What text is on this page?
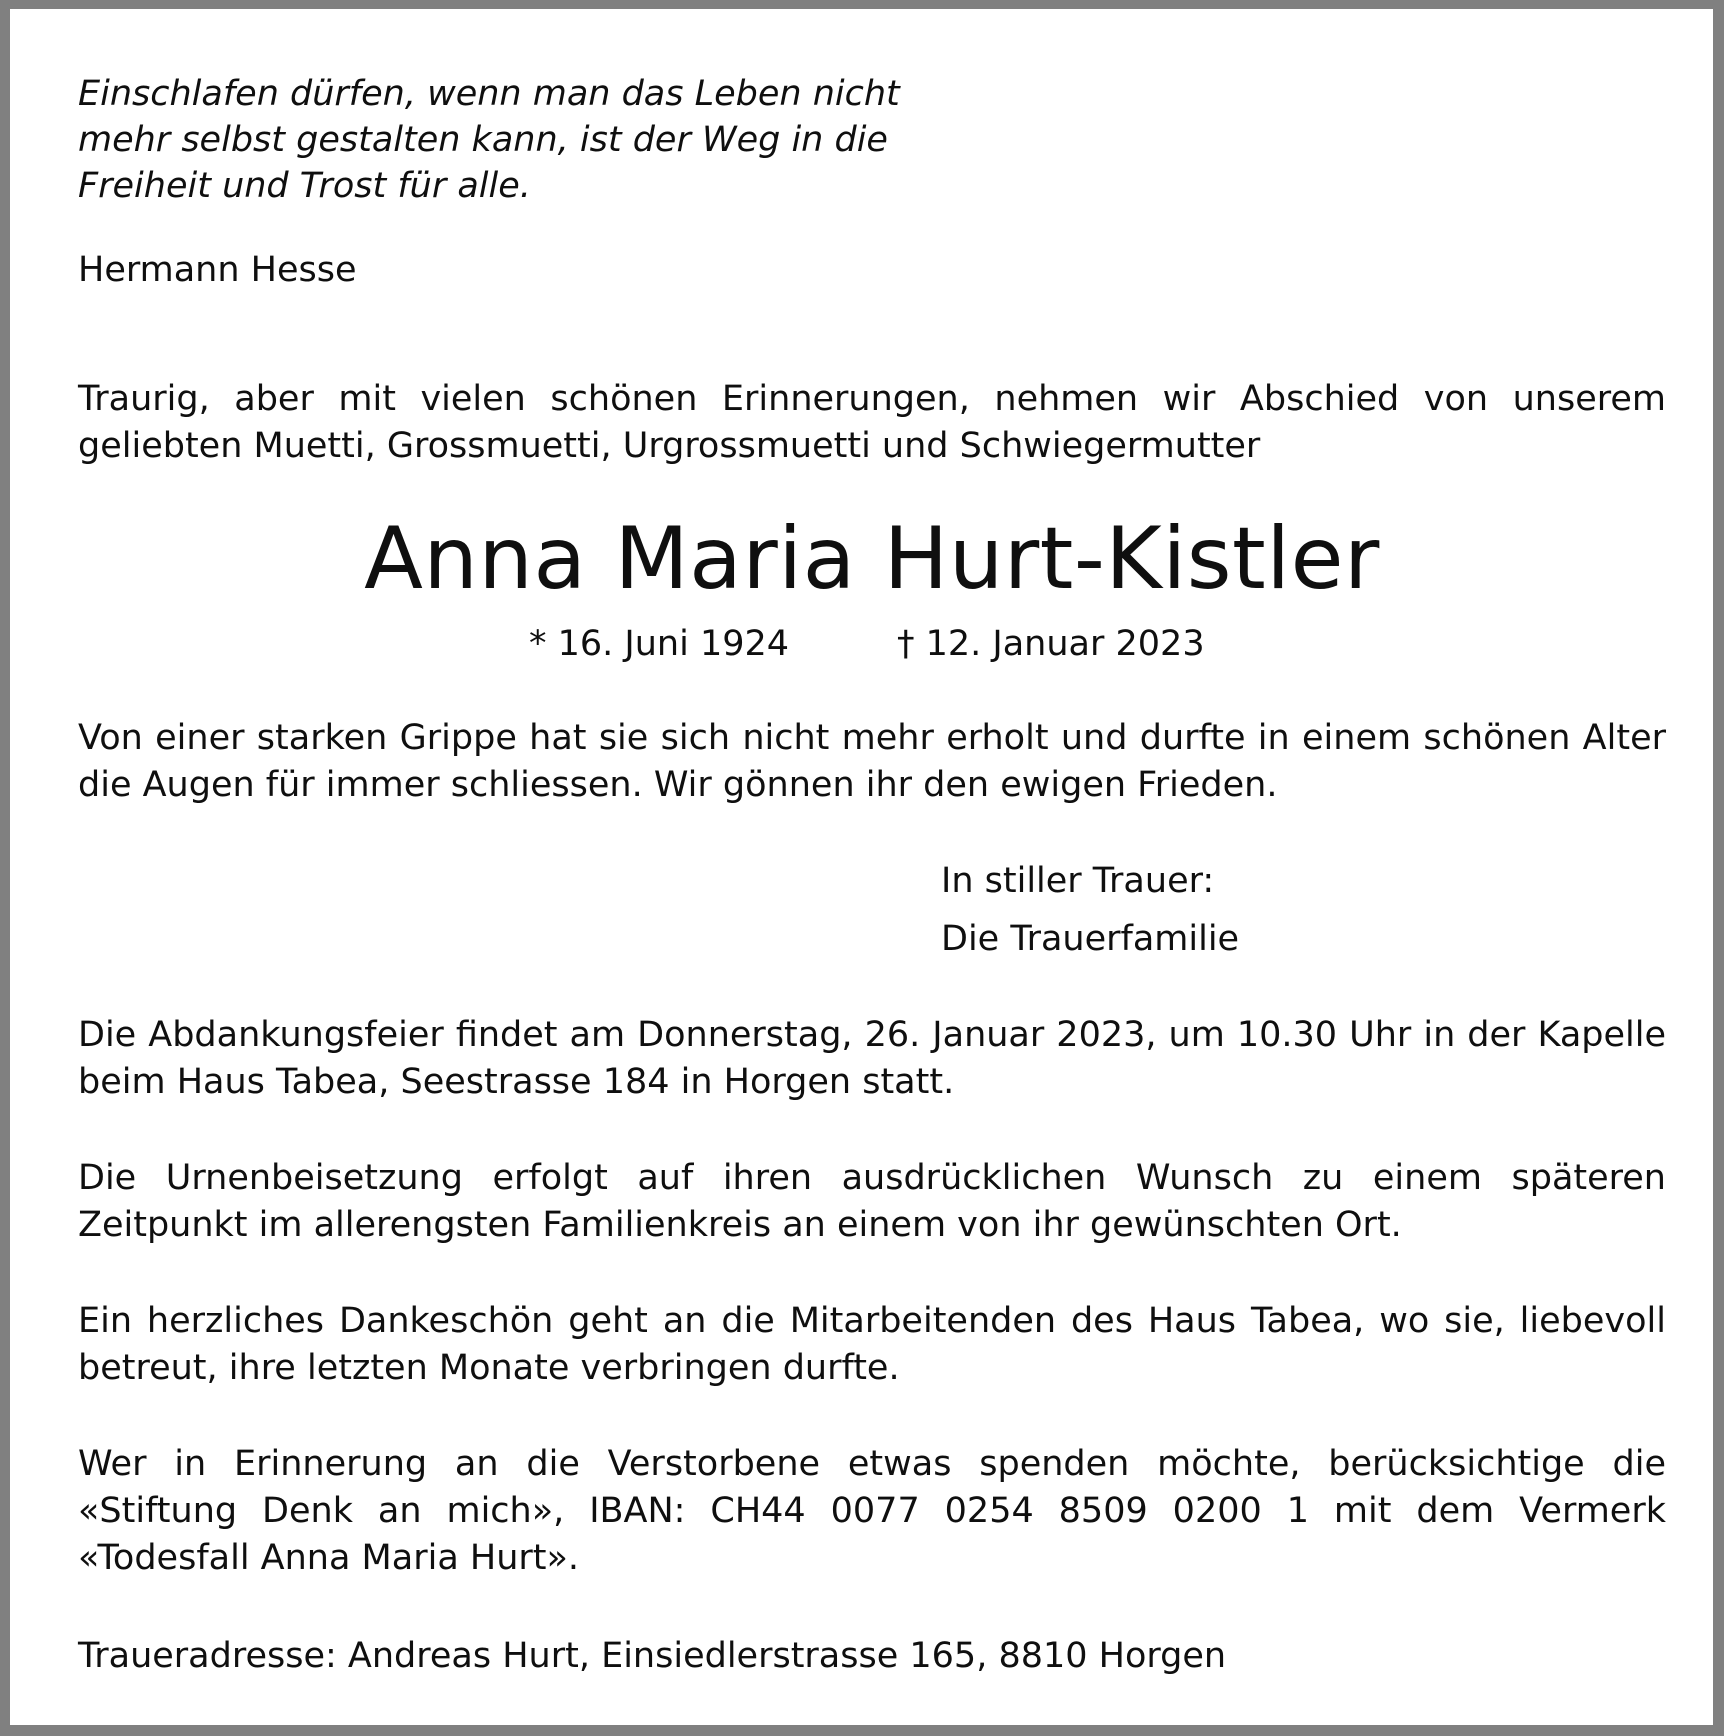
Einschlafen dürfen, wenn man das Leben nicht
mehr selbst gestalten kann, ist der Weg in die
Freiheit und Trost für alle.
Hermann Hesse
Traurig, aber mit vielen schönen Erinnerungen, nehmen wir Abschied von unserem
geliebten Muetti, Grossmuetti, Urgrossmuetti und Schwiegermutter
Anna Maria Hurt-Kistler
* 16. Juni 1924	† 12. Januar 2023
Von einer starken Grippe hat sie sich nicht mehr erholt und durfte in einem schönen Alter
die Augen für immer schliessen. Wir gönnen ihr den ewigen Frieden.
In stiller Trauer:
Die Trauerfamilie
Die Abdankungsfeier findet am Donnerstag, 26. Januar 2023, um 10.30 Uhr in der Kapelle
beim Haus Tabea, Seestrasse 184 in Horgen statt.
Die Urnenbeisetzung erfolgt auf ihren ausdrücklichen Wunsch zu einem späteren
Zeitpunkt im allerengsten Familienkreis an einem von ihr gewünschten Ort.
Ein herzliches Dankeschön geht an die Mitarbeitenden des Haus Tabea, wo sie, liebevoll
betreut, ihre letzten Monate verbringen durfte.
Wer in Erinnerung an die Verstorbene etwas spenden möchte, berücksichtige die
«Stiftung Denk an mich», IBAN: CH44 0077 0254 8509 0200 1 mit dem Vermerk
«Todesfall Anna Maria Hurt».
Traueradresse: Andreas Hurt, Einsiedlerstrasse 165, 8810 Horgen
